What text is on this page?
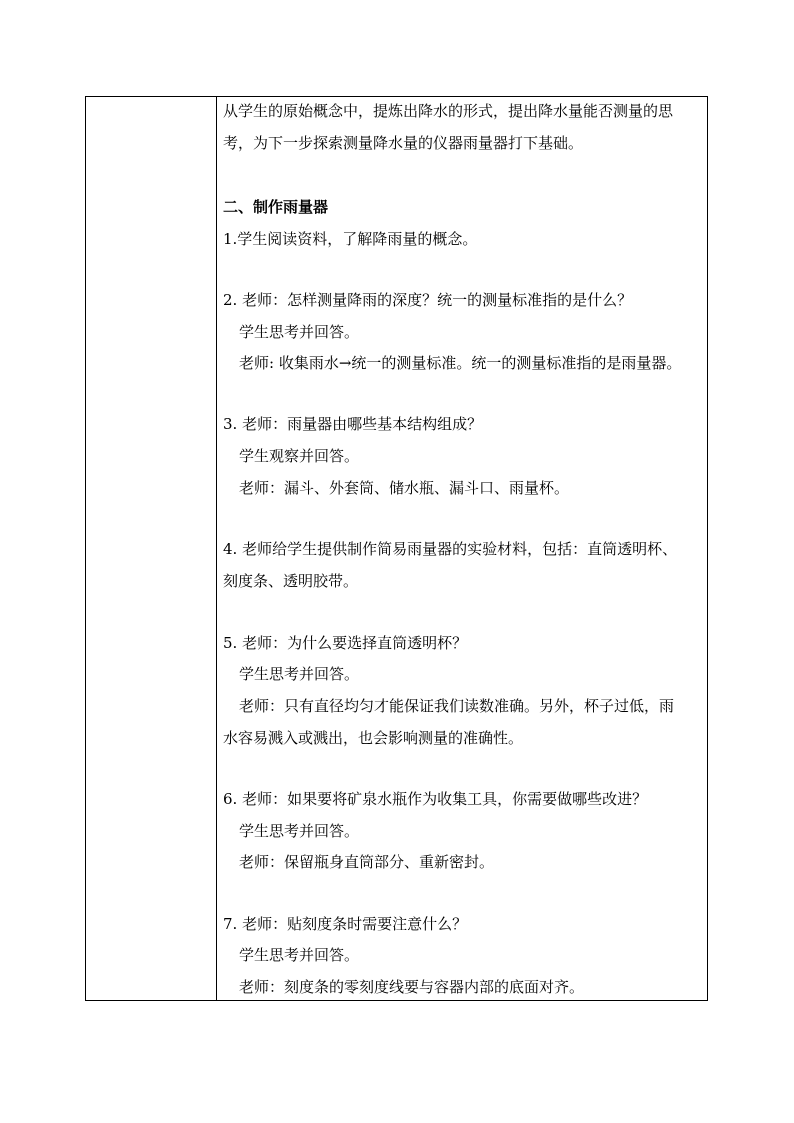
从学生的原始概念中，提炼出降水的形式，提出降水量能否测量的思
考，为下一步探索测量降水量的仪器雨量器打下基础。
二、制作雨量器
1.学生阅读资料，了解降雨量的概念。
2. 老师：怎样测量降雨的深度？统一的测量标准指的是什么？
学生思考并回答。
老师: 收集雨水→统一的测量标准。统一的测量标准指的是雨量器。
3. 老师：雨量器由哪些基本结构组成？
学生观察并回答。
老师：漏斗、外套筒、储水瓶、漏斗口、雨量杯。
4. 老师给学生提供制作简易雨量器的实验材料，包括：直筒透明杯、
刻度条、透明胶带。
5. 老师：为什么要选择直筒透明杯？
学生思考并回答。
老师：只有直径均匀才能保证我们读数准确。另外，杯子过低，雨
水容易溅入或溅出，也会影响测量的准确性。
6. 老师：如果要将矿泉水瓶作为收集工具，你需要做哪些改进？
学生思考并回答。
老师：保留瓶身直筒部分、重新密封。
7. 老师：贴刻度条时需要注意什么？
学生思考并回答。
老师：刻度条的零刻度线要与容器内部的底面对齐。
